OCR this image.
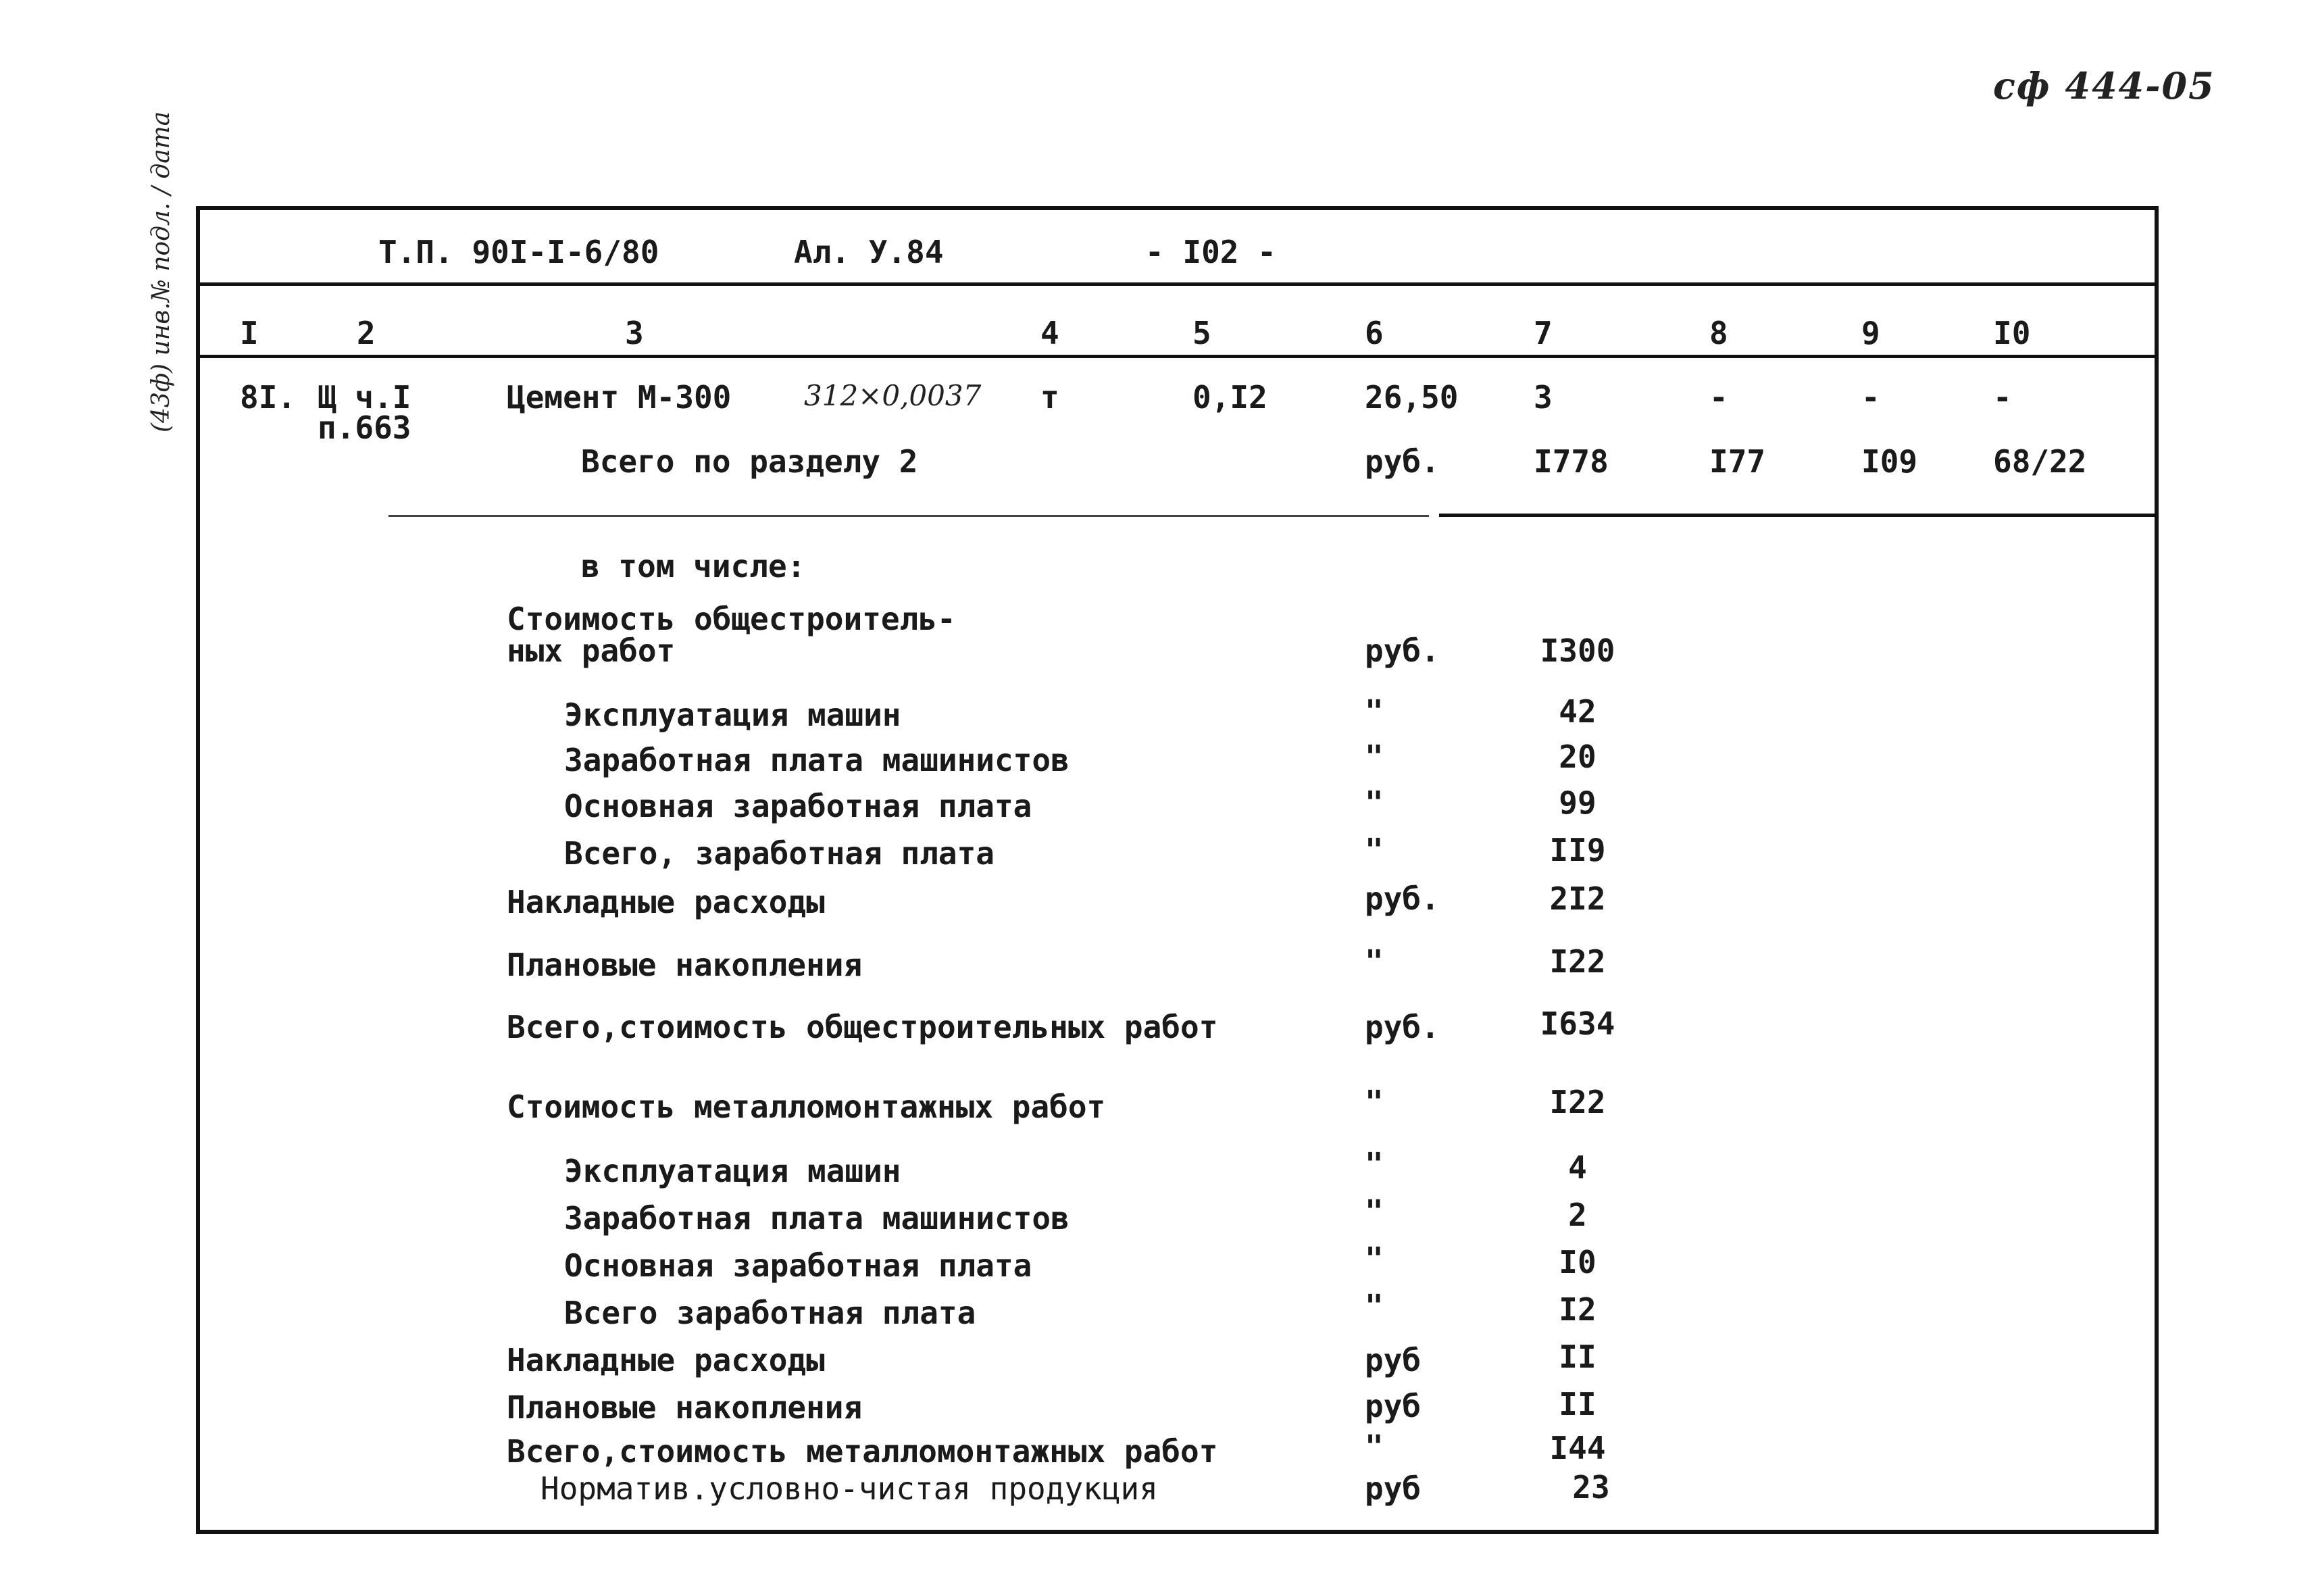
сф 444-05
(43ф) инв.№ подл. / дата	Т.П. 90I-I-6/80	Ал. У.84	- I02 -
I	2	3	4	5	6	7	8	9	I0
8I. Щ ч.I
п.663
Цемент М-300	312×0,0037 т	0,I2	26,50 3	-	-	-
Всего по разделу 2	руб.	I778	I77	I09 68/22
в том числе:
Стоимость общестроитель-
ных работ	руб.	I300
Эксплуатация машин	"	42
Заработная плата машинистов	"	20
Основная заработная плата	"	99
Всего, заработная плата	"	II9
Накладные расходы	руб.	2I2
Плановые накопления	"	I22
Всего,стоимость общестроительных работ	руб.	I634
Стоимость металломонтажных работ	"	I22
Эксплуатация машин	"	4
Заработная плата машинистов	"	2
Основная заработная плата	"	I0
Всего заработная плата	"	I2
Накладные расходы	руб	II
Плановые накопления	руб	II
Всего,стоимость металломонтажных работ	"	I44
Норматив.условно-чистая продукция	руб	23
